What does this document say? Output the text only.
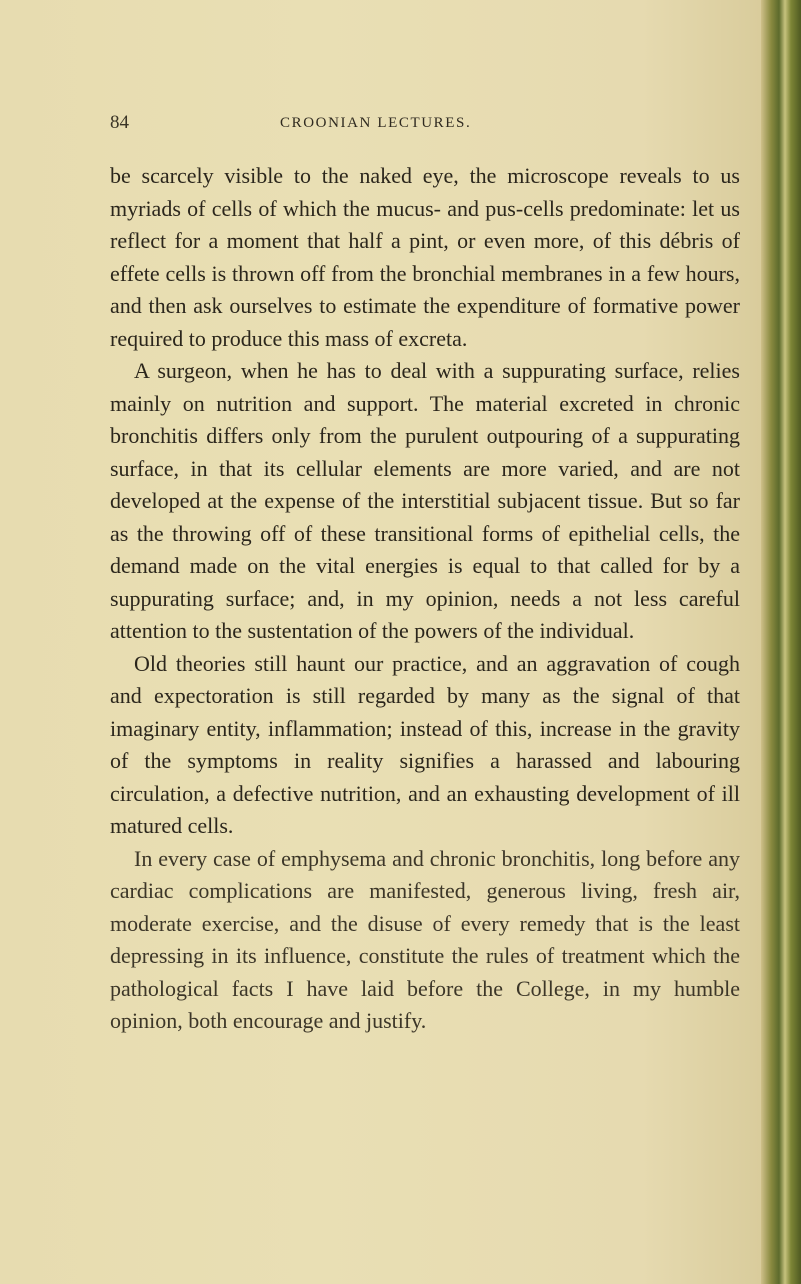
84	CROONIAN LECTURES.

be scarcely visible to the naked eye, the microscope reveals to us myriads of cells of which the mucus- and pus-cells predominate: let us reflect for a moment that half a pint, or even more, of this débris of effete cells is thrown off from the bronchial membranes in a few hours, and then ask ourselves to estimate the expenditure of formative power required to produce this mass of excreta.

A surgeon, when he has to deal with a suppurating surface, relies mainly on nutrition and support. The material excreted in chronic bronchitis differs only from the purulent outpouring of a suppurating surface, in that its cellular elements are more varied, and are not developed at the expense of the interstitial subjacent tissue. But so far as the throwing off of these transitional forms of epithelial cells, the demand made on the vital energies is equal to that called for by a suppurating surface; and, in my opinion, needs a not less careful attention to the sustentation of the powers of the individual.

Old theories still haunt our practice, and an aggravation of cough and expectoration is still regarded by many as the signal of that imaginary entity, inflammation; instead of this, increase in the gravity of the symptoms in reality signifies a harassed and labouring circulation, a defective nutrition, and an exhausting development of ill matured cells.

In every case of emphysema and chronic bronchitis, long before any cardiac complications are manifested, generous living, fresh air, moderate exercise, and the disuse of every remedy that is the least depressing in its influence, constitute the rules of treatment which the pathological facts I have laid before the College, in my humble opinion, both encourage and justify.
